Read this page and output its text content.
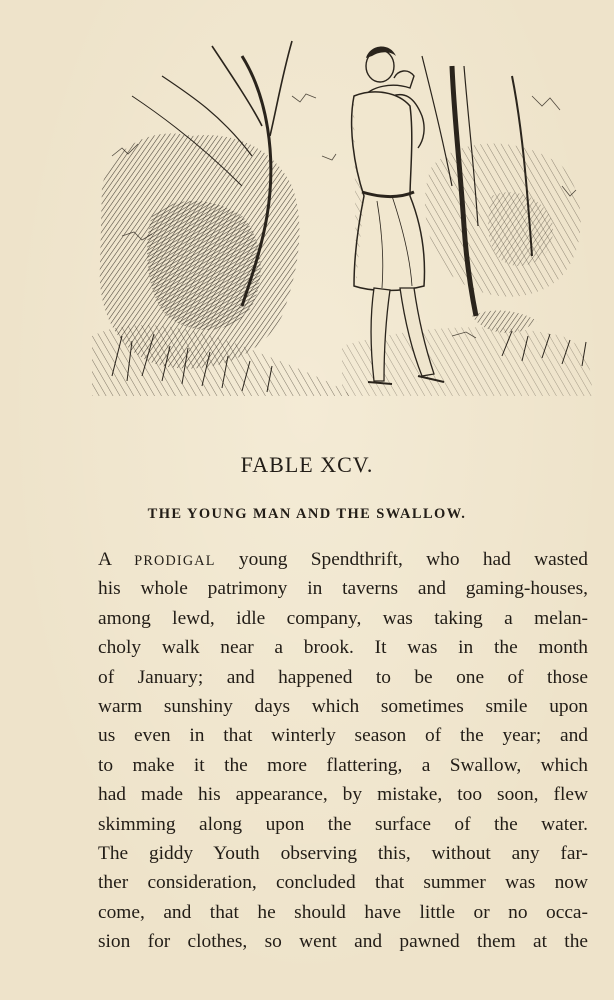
FABLE XCV.
THE YOUNG MAN AND THE SWALLOW.
A PRODIGAL young Spendthrift, who had wasted
his whole patrimony in taverns and gaming-houses,
among lewd, idle company, was taking a melan-
choly walk near a brook. It was in the month
of January; and happened to be one of those
warm sunshiny days which sometimes smile upon
us even in that winterly season of the year; and
to make it the more flattering, a Swallow, which
had made his appearance, by mistake, too soon, flew
skimming along upon the surface of the water.
The giddy Youth observing this, without any far-
ther consideration, concluded that summer was now
come, and that he should have little or no occa-
sion for clothes, so went and pawned them at the
